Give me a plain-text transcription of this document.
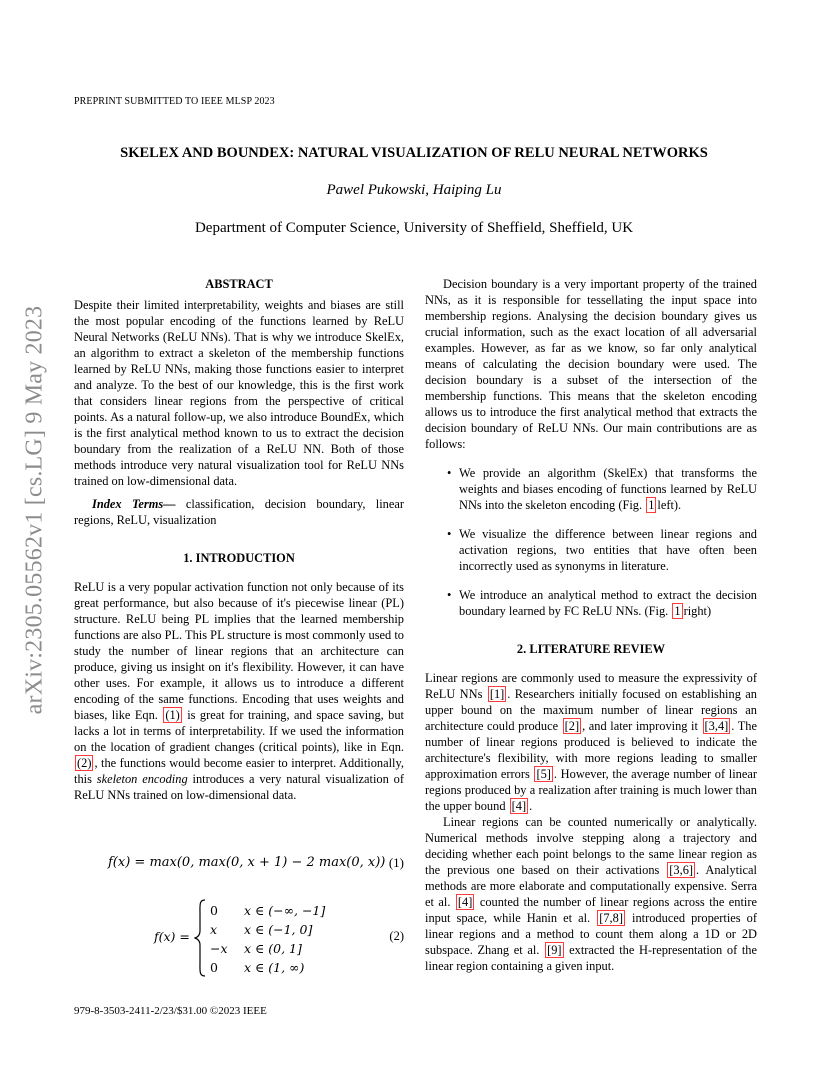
PREPRINT SUBMITTED TO IEEE MLSP 2023
SKELEX AND BOUNDEX: NATURAL VISUALIZATION OF RELU NEURAL NETWORKS
Pawel Pukowski, Haiping Lu
Department of Computer Science, University of Sheffield, Sheffield, UK
arXiv:2305.05562v1 [cs.LG] 9 May 2023

ABSTRACT

Despite their limited interpretability, weights and biases are still the most popular encoding of the functions learned by ReLU Neural Networks (ReLU NNs). That is why we introduce SkelEx, an algorithm to extract a skeleton of the membership functions learned by ReLU NNs, making those functions easier to interpret and analyze. To the best of our knowledge, this is the first work that considers linear regions from the perspective of critical points. As a natural follow-up, we also introduce BoundEx, which is the first analytical method known to us to extract the decision boundary from the realization of a ReLU NN. Both of those methods introduce very natural visualization tool for ReLU NNs trained on low-dimensional data.

Index Terms— classification, decision boundary, linear regions, ReLU, visualization

1. INTRODUCTION

ReLU is a very popular activation function not only because of its great performance, but also because of it's piecewise linear (PL) structure. ReLU being PL implies that the learned membership functions are also PL. This PL structure is most commonly used to study the number of linear regions that an architecture can produce, giving us insight on it's flexibility. However, it can have other uses. For example, it allows us to introduce a different encoding of the same functions. Encoding that uses weights and biases, like Eqn. (1) is great for training, and space saving, but lacks a lot in terms of interpretability. If we used the information on the location of gradient changes (critical points), like in Eqn. (2) , the functions would become easier to interpret. Additionally, this skeleton encoding introduces a very natural visualization of ReLU NNs trained on low-dimensional data.

f(x) = max(0, max(0, x + 1) − 2 max(0, x)) (1)
f(x) =
0 x ∈ (−∞, −1]
x x ∈ (−1, 0]
−x x ∈ (0, 1]
0 x ∈ (1, ∞)
(2)

Decision boundary is a very important property of the trained NNs, as it is responsible for tessellating the input space into membership regions. Analysing the decision boundary gives us crucial information, such as the exact location of all adversarial examples. However, as far as we know, so far only analytical means of calculating the decision boundary were used. The decision boundary is a subset of the intersection of the membership functions. This means that the skeleton encoding allows us to introduce the first analytical method that extracts the decision boundary of ReLU NNs. Our main contributions are as follows:

• We provide an algorithm (SkelEx) that transforms the weights and biases encoding of functions learned by ReLU NNs into the skeleton encoding (Fig. 1 left).
• We visualize the difference between linear regions and activation regions, two entities that have often been incorrectly used as synonyms in literature.
• We introduce an analytical method to extract the decision boundary learned by FC ReLU NNs. (Fig. 1 right)

2. LITERATURE REVIEW

Linear regions are commonly used to measure the expressivity of ReLU NNs [1] . Researchers initially focused on establishing an upper bound on the maximum number of linear regions an architecture could produce [2] , and later improving it [3,4] . The number of linear regions produced is believed to indicate the architecture's flexibility, with more regions leading to smaller approximation errors [5] . However, the average number of linear regions produced by a realization after training is much lower than the upper bound [4] .

Linear regions can be counted numerically or analytically. Numerical methods involve stepping along a trajectory and deciding whether each point belongs to the same linear region as the previous one based on their activations [3,6] . Analytical methods are more elaborate and computationally expensive. Serra et al. [4] counted the number of linear regions across the entire input space, while Hanin et al. [7,8] introduced properties of linear regions and a method to count them along a 1D or 2D subspace. Zhang et al. [9] extracted the H-representation of the linear region containing a given input.

979-8-3503-2411-2/23/$31.00 ©2023 IEEE
